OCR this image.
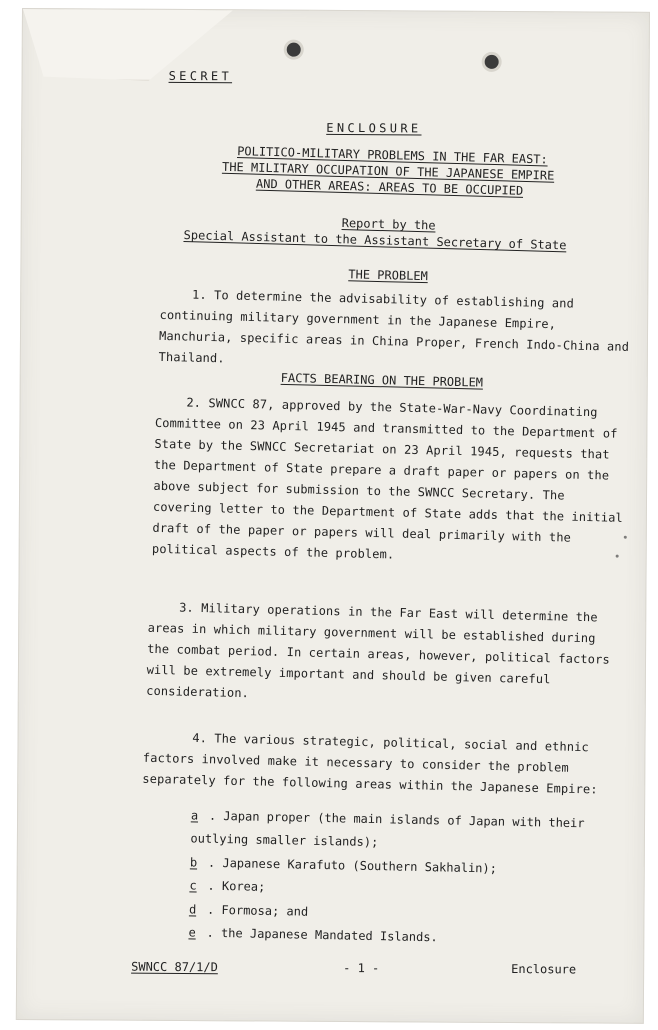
SECRET
ENCLOSURE
POLITICO-MILITARY PROBLEMS IN THE FAR EAST:
THE MILITARY OCCUPATION OF THE JAPANESE EMPIRE
AND OTHER AREAS: AREAS TO BE OCCUPIED
Report by the
Special Assistant to the Assistant Secretary of State
THE PROBLEM
1. To determine the advisability of establishing and continuing military government in the Japanese Empire, Manchuria, specific areas in China Proper, French Indo-China and Thailand.
FACTS BEARING ON THE PROBLEM
2. SWNCC 87, approved by the State-War-Navy Coordinating Committee on 23 April 1945 and transmitted to the Department of State by the SWNCC Secretariat on 23 April 1945, requests that the Department of State prepare a draft paper or papers on the above subject for submission to the SWNCC Secretary. The covering letter to the Department of State adds that the initial draft of the paper or papers will deal primarily with the political aspects of the problem.
3. Military operations in the Far East will determine the areas in which military government will be established during the combat period. In certain areas, however, political factors will be extremely important and should be given careful consideration.
4. The various strategic, political, social and ethnic factors involved make it necessary to consider the problem separately for the following areas within the Japanese Empire:
a . Japan proper (the main islands of Japan with their outlying smaller islands);
b . Japanese Karafuto (Southern Sakhalin);
c . Korea;
d . Formosa; and
e . the Japanese Mandated Islands.
SWNCC 87/1/D	- 1 -	Enclosure
